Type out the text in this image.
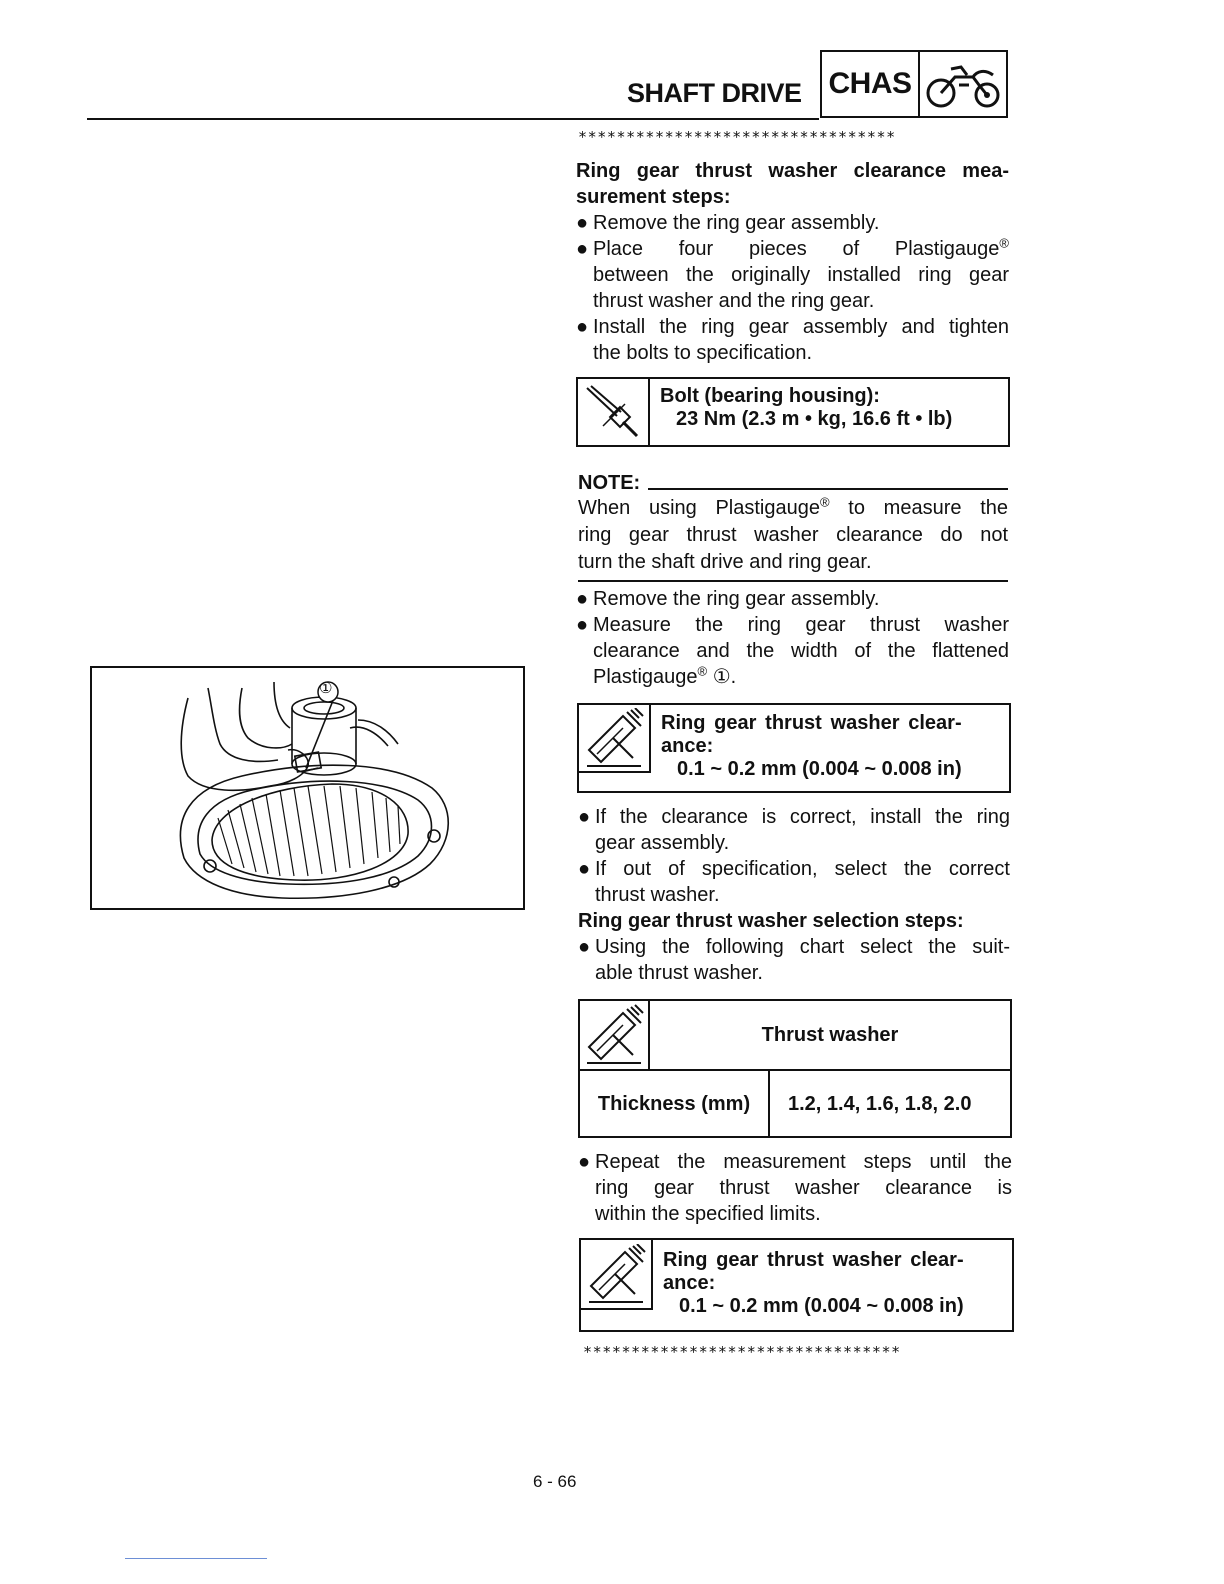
SHAFT DRIVE CHAS
*********************************
Ring gear thrust washer clearance mea-
surement steps:
● Remove the ring gear assembly.
● Place four pieces of Plastigauge®
between the originally installed ring gear
thrust washer and the ring gear.
● Install the ring gear assembly and tighten
the bolts to specification.
Bolt (bearing housing):
23 Nm (2.3 m • kg, 16.6 ft • lb)
NOTE:
When using Plastigauge® to measure the
ring gear thrust washer clearance do not
turn the shaft drive and ring gear.
● Remove the ring gear assembly.
● Measure the ring gear thrust washer
clearance and the width of the flattened
Plastigauge® ①.
Ring gear thrust washer clear-
ance:
0.1 ~ 0.2 mm (0.004 ~ 0.008 in)
● If the clearance is correct, install the ring
gear assembly.
● If out of specification, select the correct
thrust washer.
Ring gear thrust washer selection steps:
● Using the following chart select the suit-
able thrust washer.
Thrust washer
Thickness (mm)	1.2, 1.4, 1.6, 1.8, 2.0
● Repeat the measurement steps until the
ring gear thrust washer clearance is
within the specified limits.
Ring gear thrust washer clear-
ance:
0.1 ~ 0.2 mm (0.004 ~ 0.008 in)
*********************************
①
6 - 66
